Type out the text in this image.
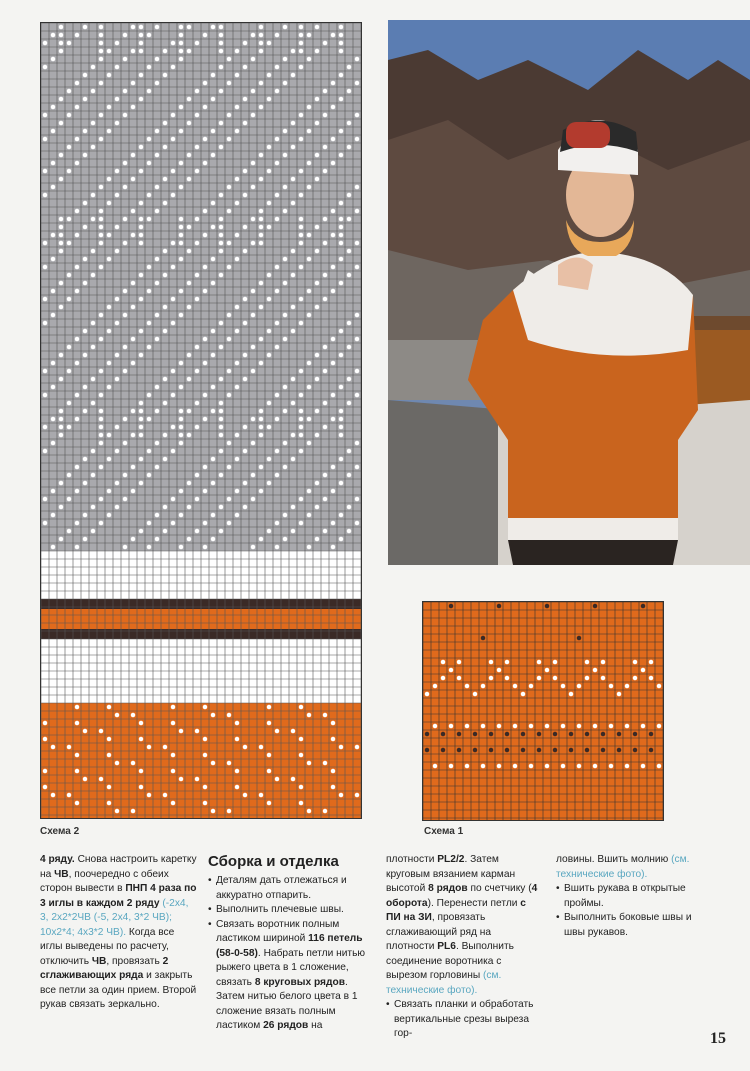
Схема 2	Схема 1

4 ряду. Снова настроить каретку на ЧВ, поочередно с обеих сторон вывести в ПНП 4 раза по 3 иглы в каждом 2 ряду (-2х4, 3, 2х2*2ЧВ (-5, 2х4, 3*2 ЧВ); 10х2*4; 4х3*2 ЧВ). Когда все иглы выведены по расчету, отключить ЧВ, провязать 2 сглаживающих ряда и закрыть все петли за один прием. Второй рукав связать зеркально.

Сборка и отделка
• Деталям дать отлежаться и аккуратно отпарить.
• Выполнить плечевые швы.
• Связать воротник полным ластиком шириной 116 петель (58-0-58). Набрать петли нитью рыжего цвета в 1 сложение, связать 8 круговых рядов. Затем нитью белого цвета в 1 сложение вязать полным ластиком 26 рядов на

плотности PL2/2. Затем круговым вязанием карман высотой 8 рядов по счетчику (4 оборота). Перенести петли с ПИ на ЗИ, провязать сглаживающий ряд на плотности PL6. Выполнить соединение воротника с вырезом горловины (см. технические фото).

• Связать планки и обработать вертикальные срезы выреза гор-

ловины. Вшить молнию (см. технические фото).

• Вшить рукава в открытые проймы.
• Выполнить боковые швы и швы рукавов.
15
